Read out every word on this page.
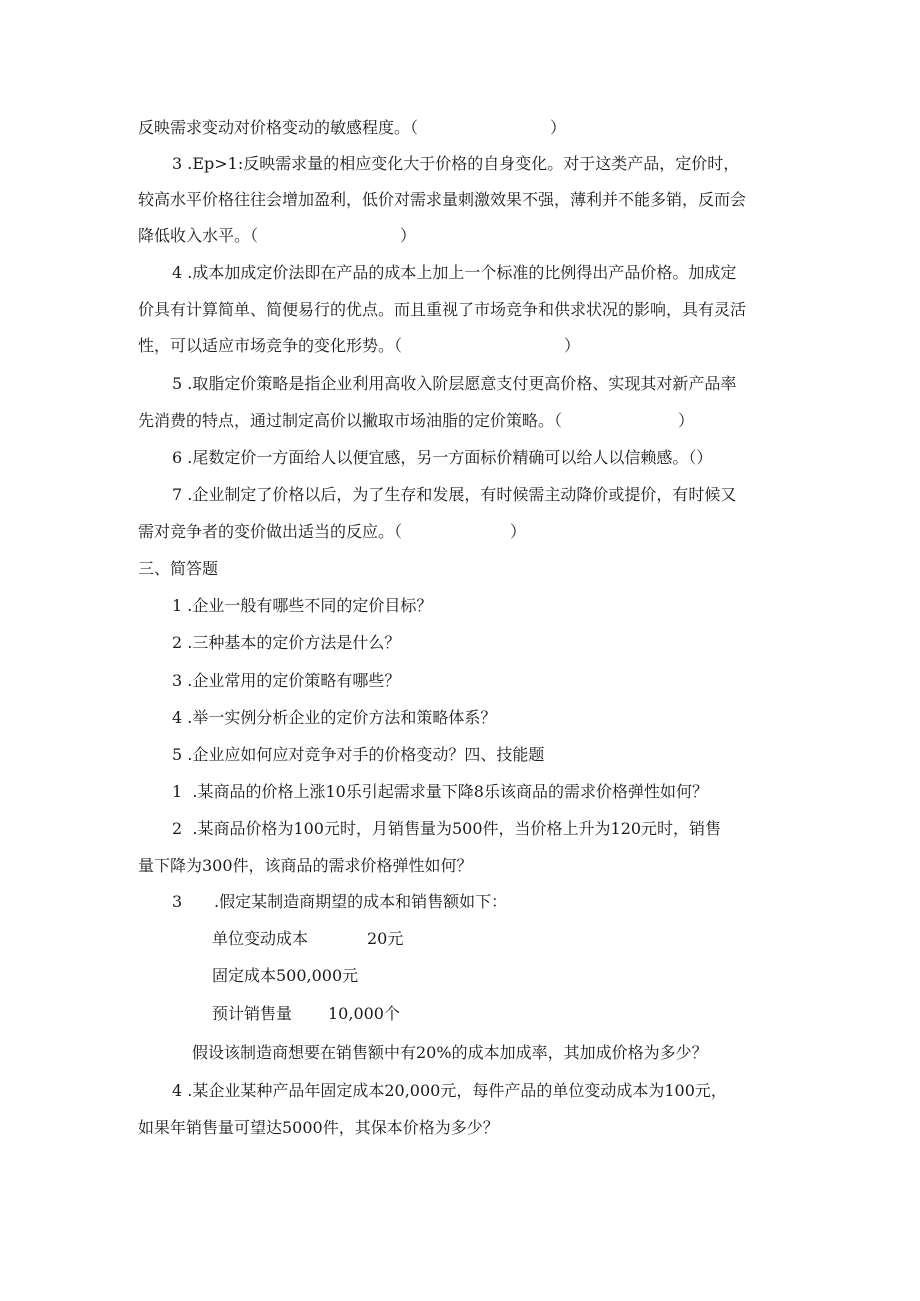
反映需求变动对价格变动的敏感程度。（	）
3 .Ep>1:反映需求量的相应变化大于价格的自身变化。对于这类产品，定价时，
较高水平价格往往会增加盈利，低价对需求量刺激效果不强，薄利并不能多销，反而会
降低收入水平。（	）
4 .成本加成定价法即在产品的成本上加上一个标准的比例得出产品价格。加成定
价具有计算简单、简便易行的优点。而且重视了市场竞争和供求状况的影响，具有灵活
性，可以适应市场竞争的变化形势。（	）
5 .取脂定价策略是指企业利用高收入阶层愿意支付更高价格、实现其对新产品率
先消费的特点，通过制定高价以撇取市场油脂的定价策略。（	）
6 .尾数定价一方面给人以便宜感，另一方面标价精确可以给人以信赖感。（）
7 .企业制定了价格以后，为了生存和发展，有时候需主动降价或提价，有时候又
需对竞争者的变价做出适当的反应。（	）
三、简答题
1 .企业一般有哪些不同的定价目标？
2 .三种基本的定价方法是什么？
3 .企业常用的定价策略有哪些？
4 .举一实例分析企业的定价方法和策略体系？
5 .企业应如何应对竞争对手的价格变动？四、技能题
1  .某商品的价格上涨10乐引起需求量下降8乐该商品的需求价格弹性如何？
2  .某商品价格为100元时，月销售量为500件，当价格上升为120元时，销售
量下降为300件，该商品的需求价格弹性如何？
3 .假定某制造商期望的成本和销售额如下：
单位变动成本	20元
固定成本500,000元
预计销售量 10,000个
假设该制造商想要在销售额中有20%的成本加成率，其加成价格为多少？
4 .某企业某种产品年固定成本20,000元，每件产品的单位变动成本为100元，
如果年销售量可望达5000件，其保本价格为多少？
